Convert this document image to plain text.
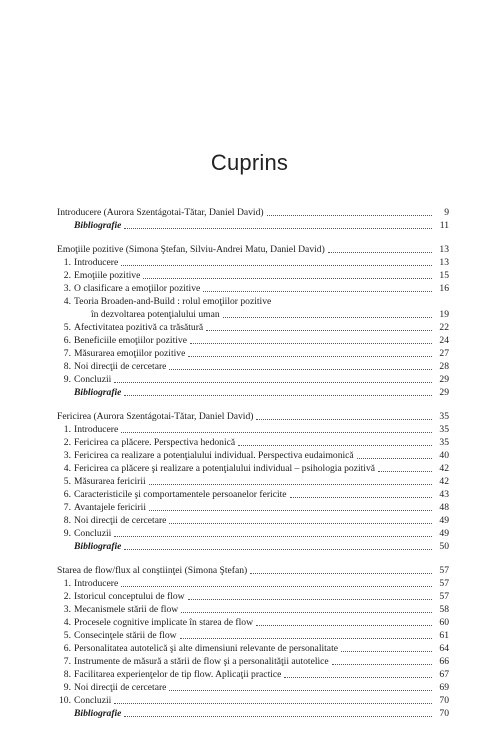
Cuprins
Introducere (Aurora Szentágotai-Tătar, Daniel David)	9
Bibliografie	11
Emoţiile pozitive (Simona Ştefan, Silviu-Andrei Matu, Daniel David)	13
1. Introducere	13
2. Emoţiile pozitive	15
3. O clasificare a emoţiilor pozitive	16
4. Teoria Broaden-and-Build : rolul emoţiilor pozitive
în dezvoltarea potenţialului uman	19
5. Afectivitatea pozitivă ca trăsătură	22
6. Beneficiile emoţiilor pozitive	24
7. Măsurarea emoţiilor pozitive	27
8. Noi direcţii de cercetare	28
9. Concluzii	29
Bibliografie	29
Fericirea (Aurora Szentágotai-Tătar, Daniel David)	35
1. Introducere	35
2. Fericirea ca plăcere. Perspectiva hedonică	35
3. Fericirea ca realizare a potenţialului individual. Perspectiva eudaimonică	40
4. Fericirea ca plăcere şi realizare a potenţialului individual – psihologia pozitivă	42
5. Măsurarea fericirii	42
6. Caracteristicile şi comportamentele persoanelor fericite	43
7. Avantajele fericirii	48
8. Noi direcţii de cercetare	49
9. Concluzii	49
Bibliografie	50
Starea de flow/flux al conştiinţei (Simona Ştefan)	57
1. Introducere	57
2. Istoricul conceptului de flow	57
3. Mecanismele stării de flow	58
4. Procesele cognitive implicate în starea de flow	60
5. Consecinţele stării de flow	61
6. Personalitatea autotelică şi alte dimensiuni relevante de personalitate	64
7. Instrumente de măsură a stării de flow şi a personalităţii autotelice	66
8. Facilitarea experienţelor de tip flow. Aplicaţii practice	67
9. Noi direcţii de cercetare	69
10. Concluzii	70
Bibliografie	70
